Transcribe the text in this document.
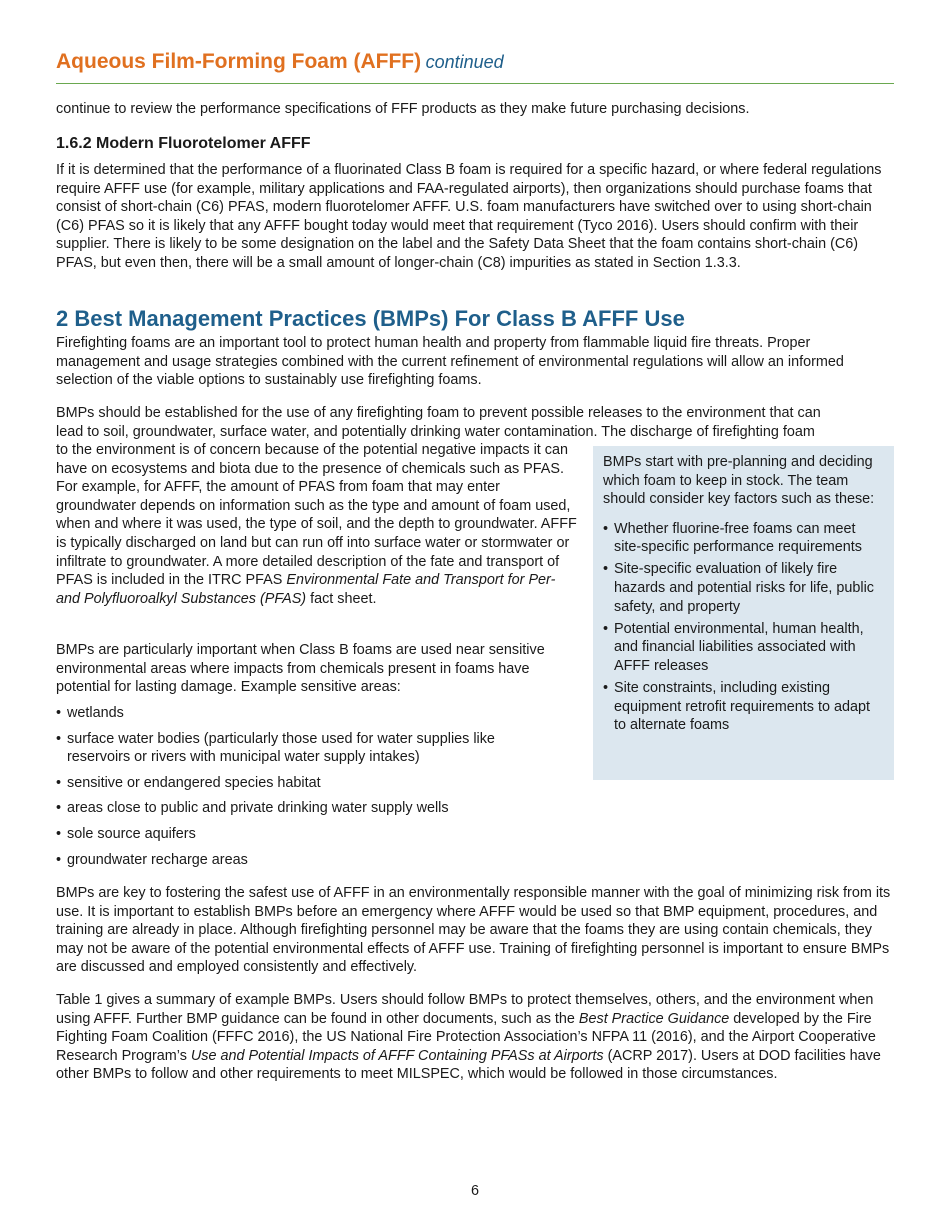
Aqueous Film-Forming Foam (AFFF) continued

continue to review the performance specifications of FFF products as they make future purchasing decisions.

1.6.2 Modern Fluorotelomer AFFF

If it is determined that the performance of a fluorinated Class B foam is required for a specific hazard, or where federal regulations require AFFF use (for example, military applications and FAA-regulated airports), then organizations should purchase foams that consist of short-chain (C6) PFAS, modern fluorotelomer AFFF. U.S. foam manufacturers have switched over to using short-chain (C6) PFAS so it is likely that any AFFF bought today would meet that requirement (Tyco 2016). Users should confirm with their supplier. There is likely to be some designation on the label and the Safety Data Sheet that the foam contains short-chain (C6) PFAS, but even then, there will be a small amount of longer-chain (C8) impurities as stated in Section 1.3.3.

2 Best Management Practices (BMPs) For Class B AFFF Use

Firefighting foams are an important tool to protect human health and property from flammable liquid fire threats. Proper management and usage strategies combined with the current refinement of environmental regulations will allow an informed selection of the viable options to sustainably use firefighting foams.

BMPs should be established for the use of any firefighting foam to prevent possible releases to the environment that can

lead to soil, groundwater, surface water, and potentially drinking water contamination. The discharge of firefighting foam

to the environment is of concern because of the potential negative impacts it can have on ecosystems and biota due to the presence of chemicals such as PFAS. For example, for AFFF, the amount of PFAS from foam that may enter groundwater depends on information such as the type and amount of foam used, when and where it was used, the type of soil, and the depth to groundwater. AFFF is typically discharged on land but can run off into surface water or stormwater or infiltrate to groundwater. A more detailed description of the fate and transport of PFAS is included in the ITRC PFAS Environmental Fate and Transport for Per- and Polyfluoroalkyl Substances (PFAS) fact sheet.

BMPs are particularly important when Class B foams are used near sensitive environmental areas where impacts from chemicals present in foams have potential for lasting damage. Example sensitive areas:

• wetlands
• surface water bodies (particularly those used for water supplies like reservoirs or rivers with municipal water supply intakes)
• sensitive or endangered species habitat
• areas close to public and private drinking water supply wells
• sole source aquifers
• groundwater recharge areas

BMPs start with pre-planning and deciding which foam to keep in stock. The team should consider key factors such as these:

• Whether fluorine-free foams can meet site-specific performance requirements
• Site-specific evaluation of likely fire hazards and potential risks for life, public safety, and property
• Potential environmental, human health, and financial liabilities associated with AFFF releases
• Site constraints, including existing equipment retrofit requirements to adapt to alternate foams

BMPs are key to fostering the safest use of AFFF in an environmentally responsible manner with the goal of minimizing risk from its use. It is important to establish BMPs before an emergency where AFFF would be used so that BMP equipment, procedures, and training are already in place. Although firefighting personnel may be aware that the foams they are using contain chemicals, they may not be aware of the potential environmental effects of AFFF use. Training of firefighting personnel is important to ensure BMPs are discussed and employed consistently and effectively.

Table 1 gives a summary of example BMPs. Users should follow BMPs to protect themselves, others, and the environment when using AFFF. Further BMP guidance can be found in other documents, such as the Best Practice Guidance developed by the Fire Fighting Foam Coalition (FFFC 2016), the US National Fire Protection Association’s NFPA 11 (2016), and the Airport Cooperative Research Program’s Use and Potential Impacts of AFFF Containing PFASs at Airports (ACRP 2017). Users at DOD facilities have other BMPs to follow and other requirements to meet MILSPEC, which would be followed in those circumstances.

6
